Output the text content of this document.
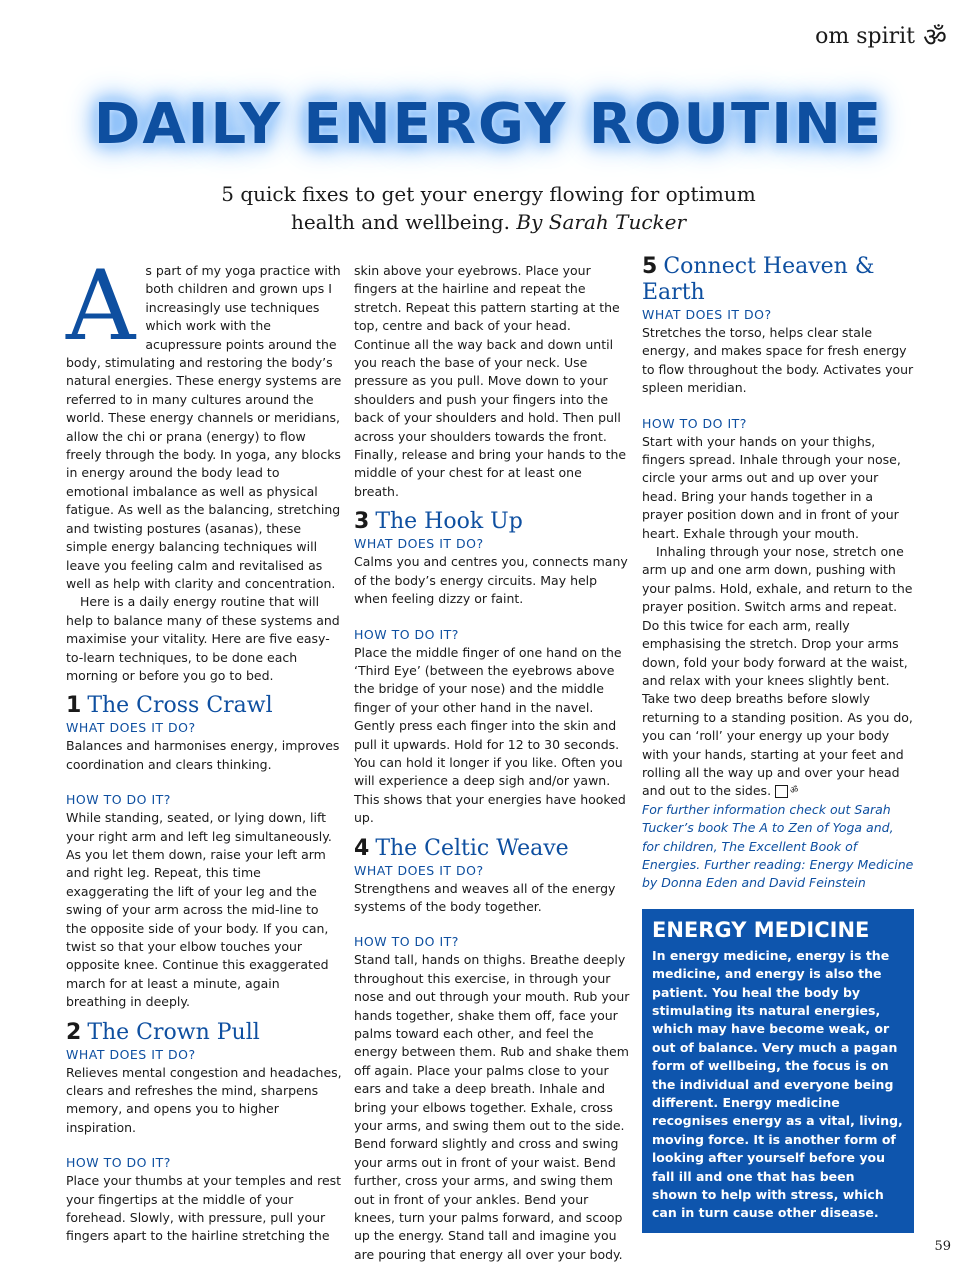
om spirit ॐ
DAILY ENERGY ROUTINE
5 quick fixes to get your energy flowing for optimum
health and wellbeing. By Sarah Tucker

As part of my yoga practice with both children and grown ups I increasingly use techniques which work with the acupressure points around the body, stimulating and restoring the body’s natural energies. These energy systems are referred to in many cultures around the world. These energy channels or meridians, allow the chi or prana (energy) to flow freely through the body. In yoga, any blocks in energy around the body lead to emotional imbalance as well as physical fatigue. As well as the balancing, stretching and twisting postures (asanas), these simple energy balancing techniques will leave you feeling calm and revitalised as well as help with clarity and concentration.

Here is a daily energy routine that will help to balance many of these systems and maximise your vitality. Here are five easy-to-learn techniques, to be done each morning or before you go to bed.

1 The Cross Crawl
WHAT DOES IT DO?

Balances and harmonises energy, improves coordination and clears thinking.

HOW TO DO IT?

While standing, seated, or lying down, lift your right arm and left leg simultaneously. As you let them down, raise your left arm and right leg. Repeat, this time exaggerating the lift of your leg and the swing of your arm across the mid-line to the opposite side of your body. If you can, twist so that your elbow touches your opposite knee. Continue this exaggerated march for at least a minute, again breathing in deeply.

2 The Crown Pull
WHAT DOES IT DO?

Relieves mental congestion and headaches, clears and refreshes the mind, sharpens memory, and opens you to higher inspiration.

HOW TO DO IT?

Place your thumbs at your temples and rest your fingertips at the middle of your forehead. Slowly, with pressure, pull your fingers apart to the hairline stretching the

skin above your eyebrows. Place your fingers at the hairline and repeat the stretch. Repeat this pattern starting at the top, centre and back of your head. Continue all the way back and down until you reach the base of your neck. Use pressure as you pull. Move down to your shoulders and push your fingers into the back of your shoulders and hold. Then pull across your shoulders towards the front. Finally, release and bring your hands to the middle of your chest for at least one breath.

3 The Hook Up
WHAT DOES IT DO?

Calms you and centres you, connects many of the body’s energy circuits. May help when feeling dizzy or faint.

HOW TO DO IT?

Place the middle finger of one hand on the ‘Third Eye’ (between the eyebrows above the bridge of your nose) and the middle finger of your other hand in the navel. Gently press each finger into the skin and pull it upwards. Hold for 12 to 30 seconds. You can hold it longer if you like. Often you will experience a deep sigh and/or yawn. This shows that your energies have hooked up.

4 The Celtic Weave
WHAT DOES IT DO?

Strengthens and weaves all of the energy systems of the body together.

HOW TO DO IT?

Stand tall, hands on thighs. Breathe deeply throughout this exercise, in through your nose and out through your mouth. Rub your hands together, shake them off, face your palms toward each other, and feel the energy between them. Rub and shake them off again. Place your palms close to your ears and take a deep breath. Inhale and bring your elbows together. Exhale, cross your arms, and swing them out to the side. Bend forward slightly and cross and swing your arms out in front of your waist. Bend further, cross your arms, and swing them out in front of your ankles. Bend your knees, turn your palms forward, and scoop up the energy. Stand tall and imagine you are pouring that energy all over your body.

5 Connect Heaven & Earth
WHAT DOES IT DO?

Stretches the torso, helps clear stale energy, and makes space for fresh energy to flow throughout the body. Activates your spleen meridian.

HOW TO DO IT?

Start with your hands on your thighs, fingers spread. Inhale through your nose, circle your arms out and up over your head. Bring your hands together in a prayer position down and in front of your heart. Exhale through your mouth.

Inhaling through your nose, stretch one arm up and one arm down, pushing with your palms. Hold, exhale, and return to the prayer position. Switch arms and repeat. Do this twice for each arm, really emphasising the stretch. Drop your arms down, fold your body forward at the waist, and relax with your knees slightly bent. Take two deep breaths before slowly returning to a standing position. As you do, you can ‘roll’ your energy up your body with your hands, starting at your feet and rolling all the way up and over your head and out to the sides. ॐ

For further information check out Sarah Tucker’s book The A to Zen of Yoga and, for children, The Excellent Book of Energies. Further reading: Energy Medicine by Donna Eden and David Feinstein

ENERGY MEDICINE

In energy medicine, energy is the medicine, and energy is also the patient. You heal the body by stimulating its natural energies, which may have become weak, or out of balance. Very much a pagan form of wellbeing, the focus is on the individual and everyone being different. Energy medicine recognises energy as a vital, living, moving force. It is another form of looking after yourself before you fall ill and one that has been shown to help with stress, which can in turn cause other disease.

59
